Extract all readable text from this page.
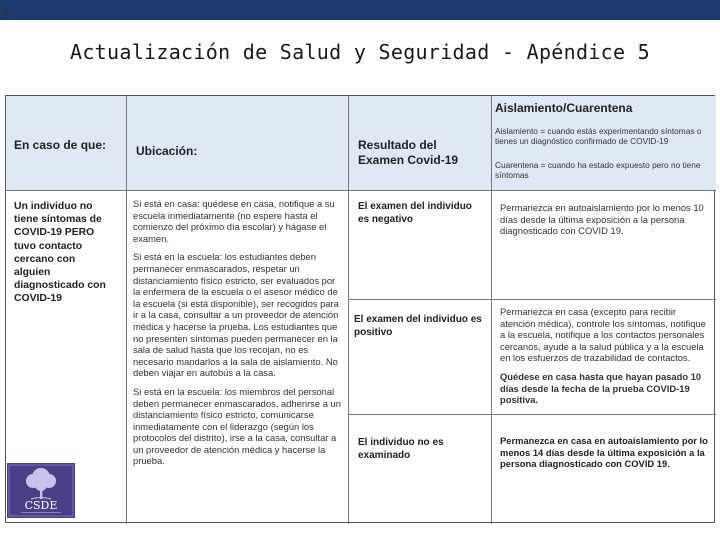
9
Actualización de Salud y Seguridad - Apéndice 5
En caso de que:	Ubicación:	Resultado del Examen Covid-19
Aislamiento/Cuarentena
Aislamiento = cuando estás experimentando síntomas o tienes un diagnóstico confirmado de COVID-19
Cuarentena = cuando ha estado expuesto pero no tiene síntomas
Un individuo no tiene síntomas de COVID-19 PERO tuvo contacto cercano con alguien diagnosticado con COVID-19
Si está en casa: quédese en casa, notifique a su escuela inmediatamente (no espere hasta el comienzo del próximo día escolar) y hágase el examen.
Si está en la escuela: los estudiantes deben permanecer enmascarados, respetar un distanciamiento físico estricto, ser evaluados por la enfermera de la escuela o el asesor médico de la escuela (si está disponible), ser recogidos para ir a la casa, consultar a un proveedor de atención médica y hacerse la prueba. Los estudiantes que no presenten síntomas pueden permanecer en la sala de salud hasta que los recojan, no es necesario mandarlos a la sala de aislamiento. No deben viajar en autobús a la casa.
Si está en la escuela: los miembros del personal deben permanecer enmascarados, adherirse a un distanciamiento físico estricto, comunicarse inmediatamente con el liderazgo (según los protocolos del distrito), irse a la casa, consultar a un proveedor de atención médica y hacerse la prueba.
El examen del individuo es negativo
El examen del individuo es positivo
El individuo no es examinado
Permanezca en autoaislamiento por lo menos 10 días desde la última exposición a la persona diagnosticado con COVID 19.
Permanezca en casa (excepto para recibir atención médica), controle los síntomas, notifique a la escuela, notifique a los contactos personales cercanos, ayude a la salud pública y a la escuela en los esfuerzos de trazabilidad de contactos.
Quédese en casa hasta que hayan pasado 10 días desde la fecha de la prueba COVID-19 positiva.
Permanezca en casa en autoaislamiento por lo menos 14 días desde la última exposición a la persona diagnosticado con COVID 19.
CSDE
